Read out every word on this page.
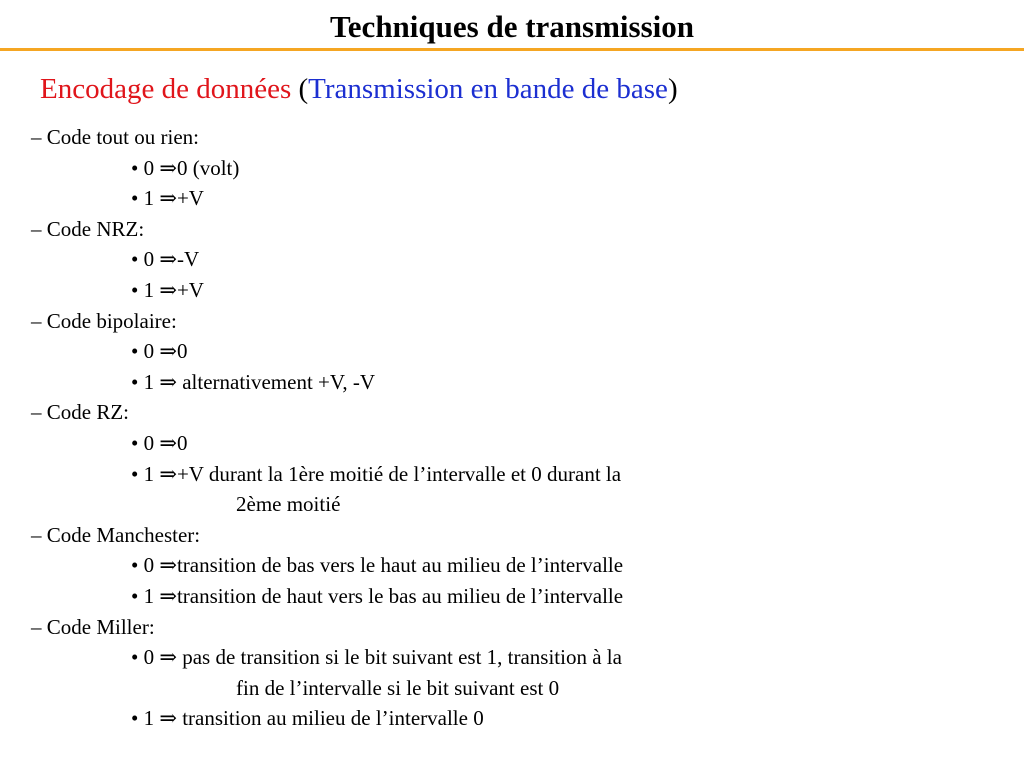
Techniques de transmission
Encodage de données (Transmission en bande de base)
– Code tout ou rien:
• 0 ⇒0 (volt)
• 1 ⇒+V
– Code NRZ:
• 0 ⇒-V
• 1 ⇒+V
– Code bipolaire:
• 0 ⇒0
• 1 ⇒ alternativement +V, -V
– Code RZ:
• 0 ⇒0
• 1 ⇒+V durant la 1ère moitié de l’intervalle et 0 durant la
2ème moitié
– Code Manchester:
• 0 ⇒transition de bas vers le haut au milieu de l’intervalle
• 1 ⇒transition de haut vers le bas au milieu de l’intervalle
– Code Miller:
• 0 ⇒ pas de transition si le bit suivant est 1, transition à la
fin de l’intervalle si le bit suivant est 0
• 1 ⇒ transition au milieu de l’intervalle 0
